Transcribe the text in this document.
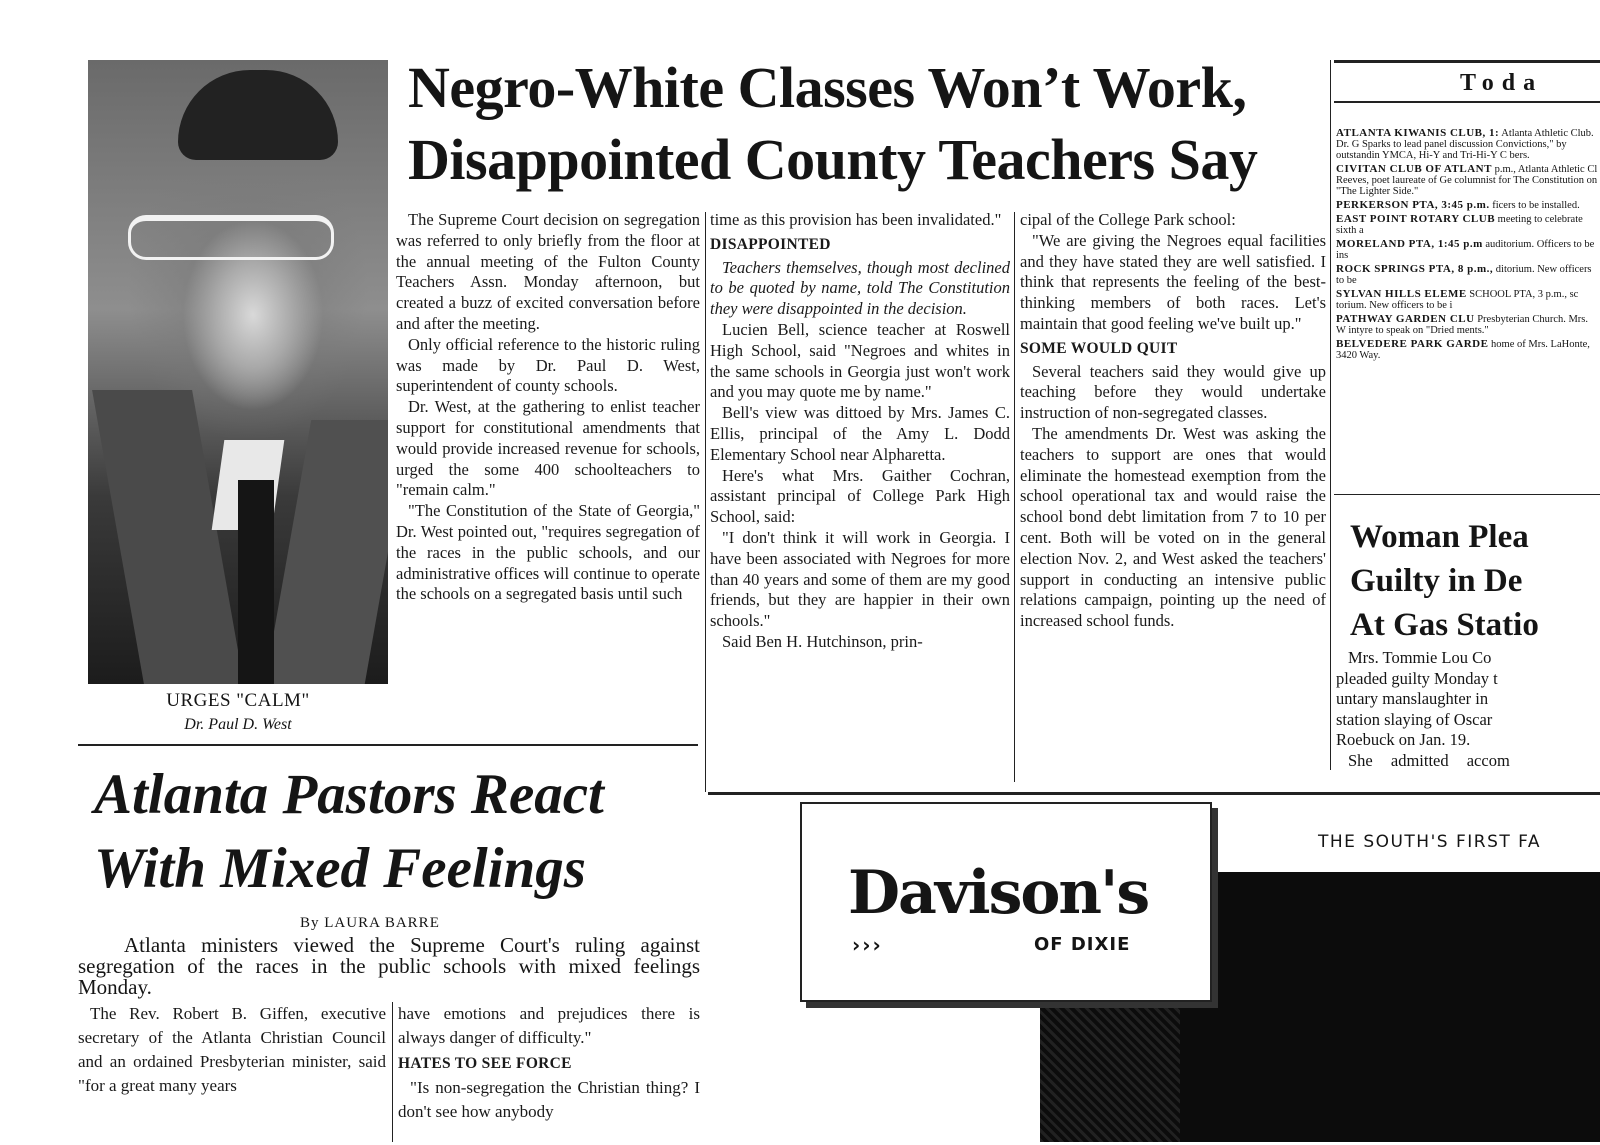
URGES "CALM"
Dr. Paul D. West
Negro-White Classes Won’t Work,
Disappointed County Teachers Say

The Supreme Court decision on segregation was referred to only briefly from the floor at the annual meeting of the Fulton County Teachers Assn. Monday afternoon, but created a buzz of excited conversation before and after the meeting.

Only official reference to the historic ruling was made by Dr. Paul D. West, superintendent of county schools.

Dr. West, at the gathering to enlist teacher support for constitutional amendments that would provide increased revenue for schools, urged the some 400 schoolteachers to "remain calm."

"The Constitution of the State of Georgia," Dr. West pointed out, "requires segregation of the races in the public schools, and our administrative offices will continue to operate the schools on a segregated basis until such

time as this provision has been invalidated."

DISAPPOINTED

Teachers themselves, though most declined to be quoted by name, told The Constitution they were disappointed in the decision.

Lucien Bell, science teacher at Roswell High School, said "Negroes and whites in the same schools in Georgia just won't work and you may quote me by name."

Bell's view was dittoed by Mrs. James C. Ellis, principal of the Amy L. Dodd Elementary School near Alpharetta.

Here's what Mrs. Gaither Cochran, assistant principal of College Park High School, said:

"I don't think it will work in Georgia. I have been associated with Negroes for more than 40 years and some of them are my good friends, but they are happier in their own schools."

Said Ben H. Hutchinson, prin-

cipal of the College Park school:

"We are giving the Negroes equal facilities and they have stated they are well satisfied. I think that represents the feeling of the best-thinking members of both races. Let's maintain that good feeling we've built up."

SOME WOULD QUIT

Several teachers said they would give up teaching before they would undertake instruction of non-segregated classes.

The amendments Dr. West was asking the teachers to support are ones that would eliminate the homestead exemption from the school operational tax and would raise the school bond debt limitation from 7 to 10 per cent. Both will be voted on in the general election Nov. 2, and West asked the teachers' support in conducting an intensive public relations campaign, pointing up the need of increased school funds.

Toda
ATLANTA KIWANIS CLUB, 1: Atlanta Athletic Club. Dr. G Sparks to lead panel discussion Convictions," by outstandin YMCA, Hi-Y and Tri-Hi-Y C bers.
CIVITAN CLUB OF ATLANT p.m., Atlanta Athletic Cl Reeves, poet laureate of Ge columnist for The Constitution on "The Lighter Side."
PERKERSON PTA, 3:45 p.m. ficers to be installed.
EAST POINT ROTARY CLUB meeting to celebrate sixth a
MORELAND PTA, 1:45 p.m auditorium. Officers to be ins
ROCK SPRINGS PTA, 8 p.m., ditorium. New officers to be
SYLVAN HILLS ELEME SCHOOL PTA, 3 p.m., sc torium. New officers to be i
PATHWAY GARDEN CLU Presbyterian Church. Mrs. W intyre to speak on "Dried ments."
BELVEDERE PARK GARDE home of Mrs. LaHonte, 3420 Way.
Woman Plea
Guilty in De
At Gas Statio
Mrs. Tommie Lou Co
pleaded guilty Monday t
untary manslaughter in
station slaying of Oscar
Roebuck on Jan. 19.
She admitted accom
Atlanta Pastors React
With Mixed Feelings
By LAURA BARRE

Atlanta ministers viewed the Supreme Court's ruling against segregation of the races in the public schools with mixed feelings Monday.

The Rev. Robert B. Giffen, executive secretary of the Atlanta Christian Council and an ordained Presbyterian minister, said "for a great many years

have emotions and prejudices there is always danger of difficulty."

HATES TO SEE FORCE

"Is non-segregation the Christian thing? I don't see how anybody

THE SOUTH'S FIRST FA
Davison's
›››	OF DIXIE
